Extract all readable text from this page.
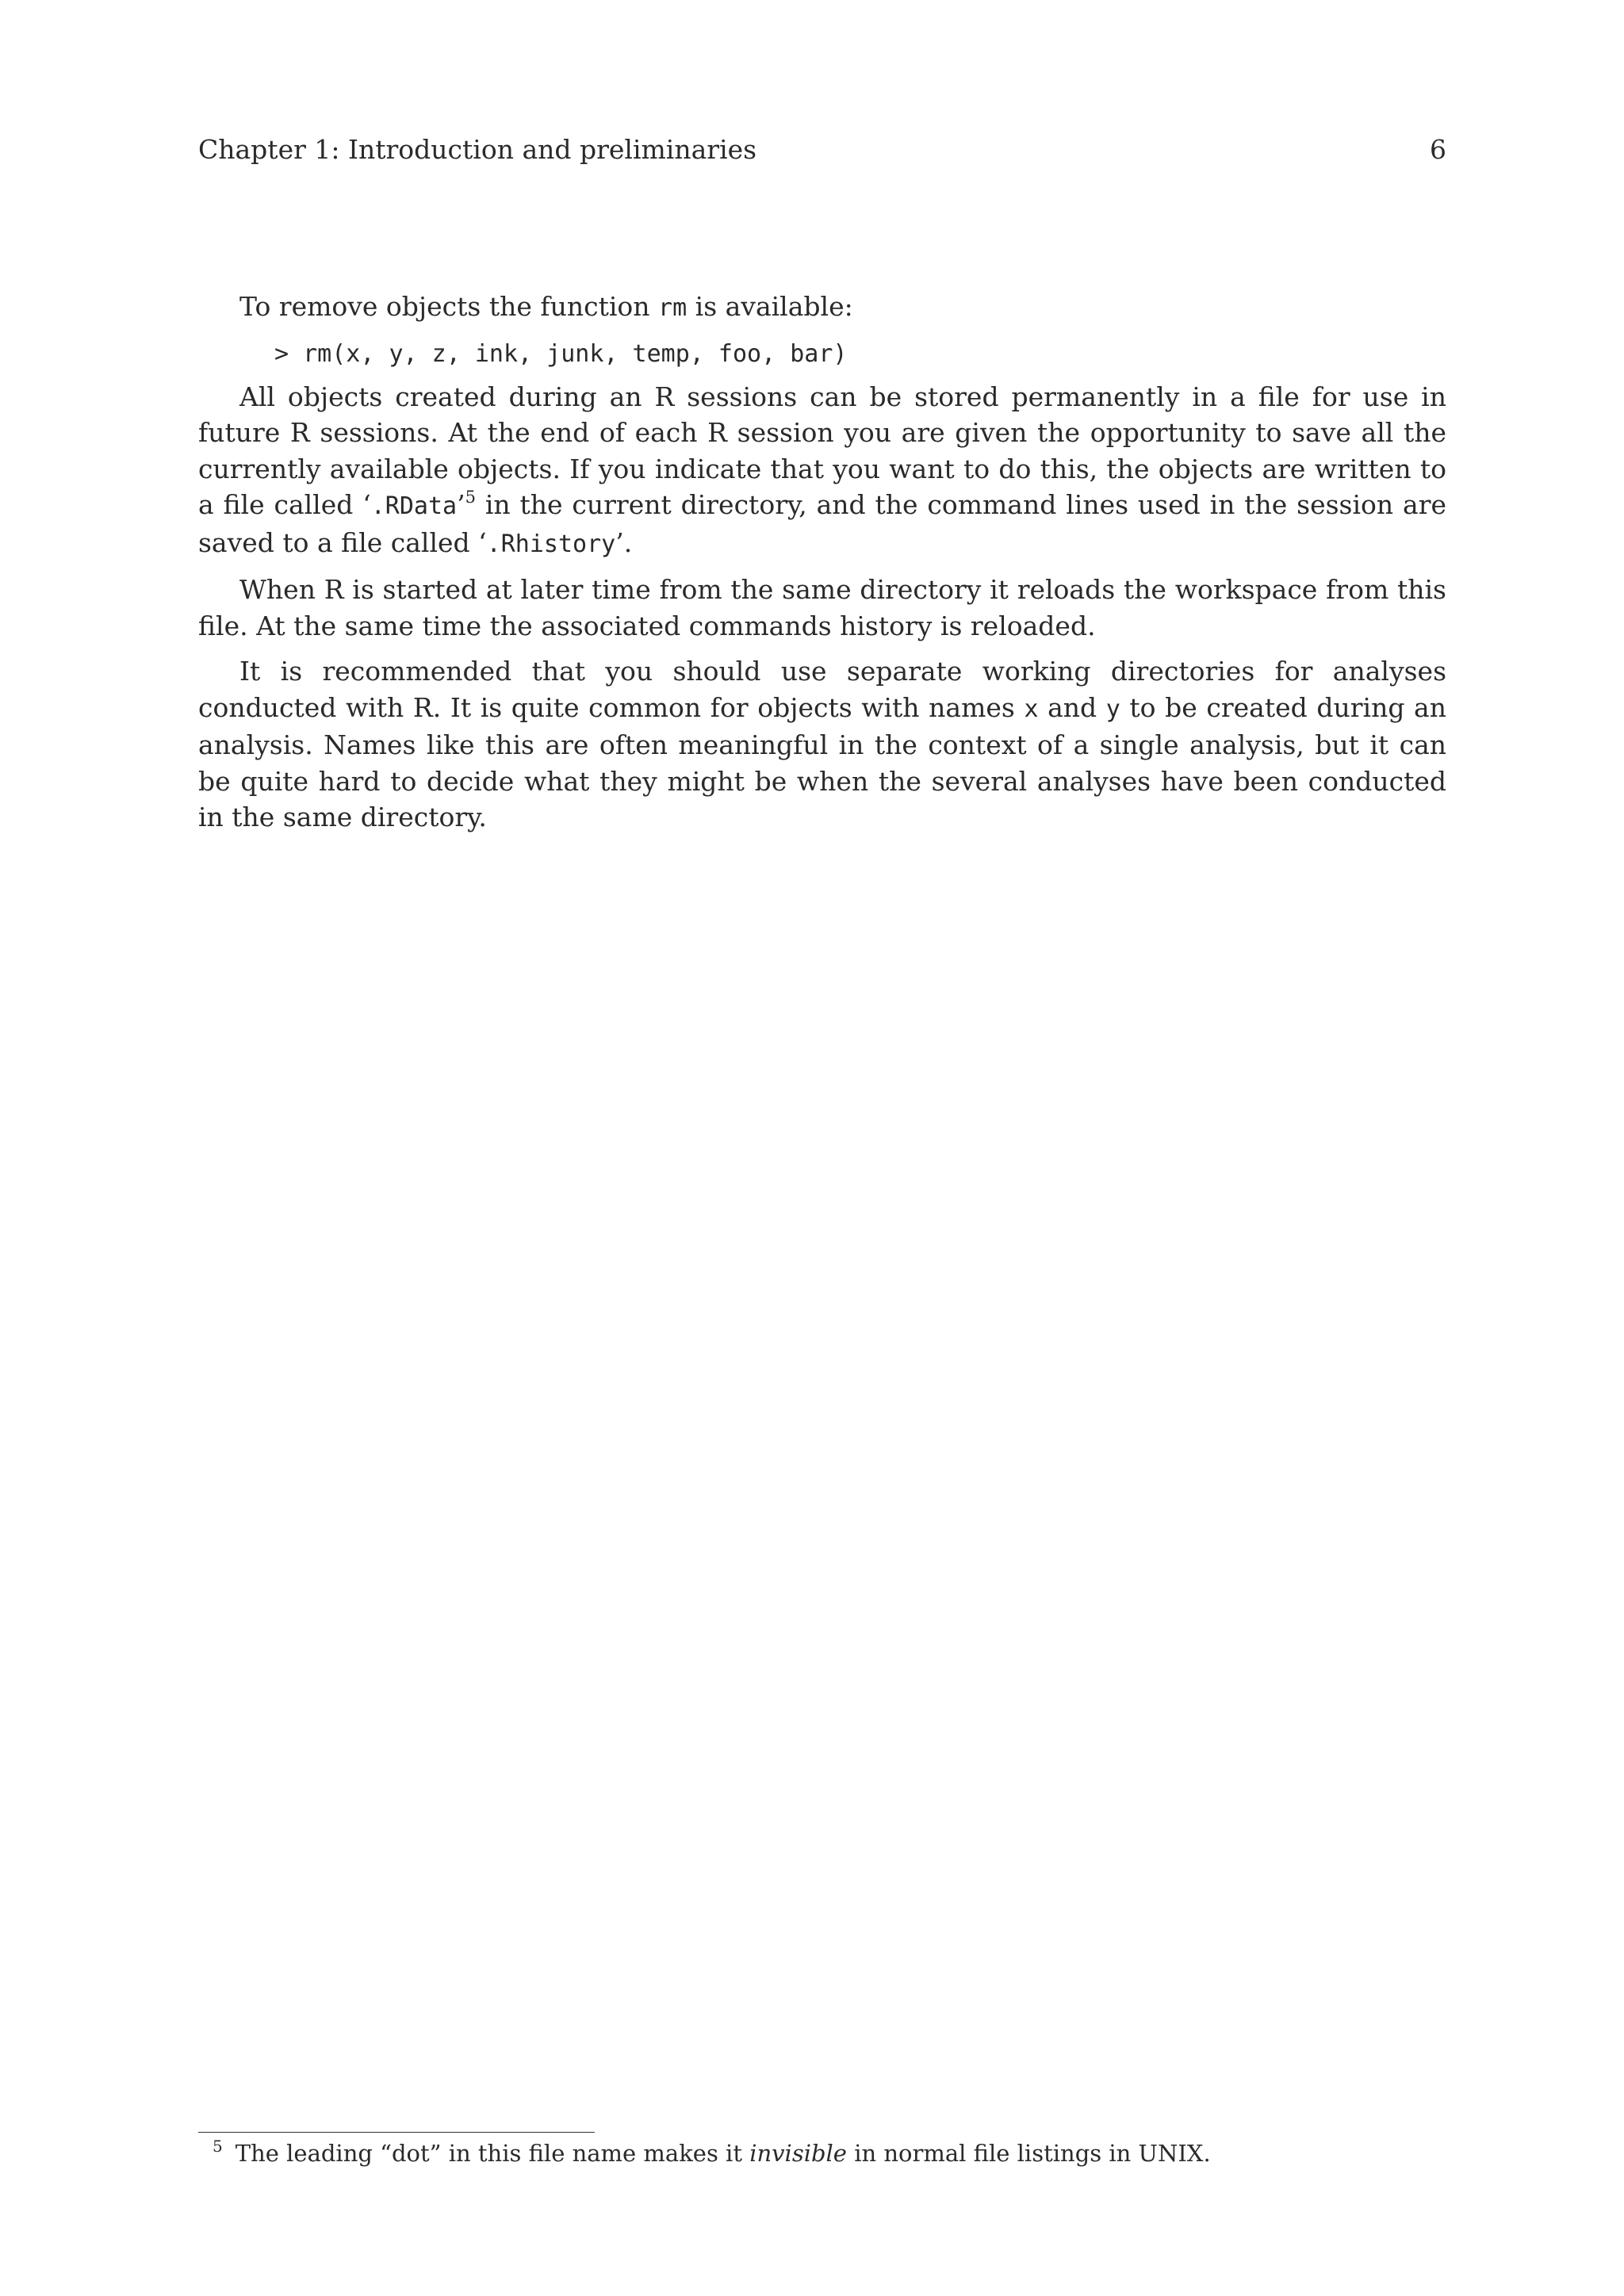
Chapter 1: Introduction and preliminaries	6

To remove objects the function rm is available:

> rm(x, y, z, ink, junk, temp, foo, bar)

All objects created during an R sessions can be stored permanently in a file for use in future R sessions. At the end of each R session you are given the opportunity to save all the currently available objects. If you indicate that you want to do this, the objects are written to a file called ‘.RData’$^5$ in the current directory, and the command lines used in the session are saved to a file called ‘.Rhistory’.

When R is started at later time from the same directory it reloads the workspace from this file. At the same time the associated commands history is reloaded.

It is recommended that you should use separate working directories for analyses conducted with R. It is quite common for objects with names x and y to be created during an analysis. Names like this are often meaningful in the context of a single analysis, but it can be quite hard to decide what they might be when the several analyses have been conducted in the same directory.

$^5$ The leading “dot” in this file name makes it invisible in normal file listings in UNIX.
